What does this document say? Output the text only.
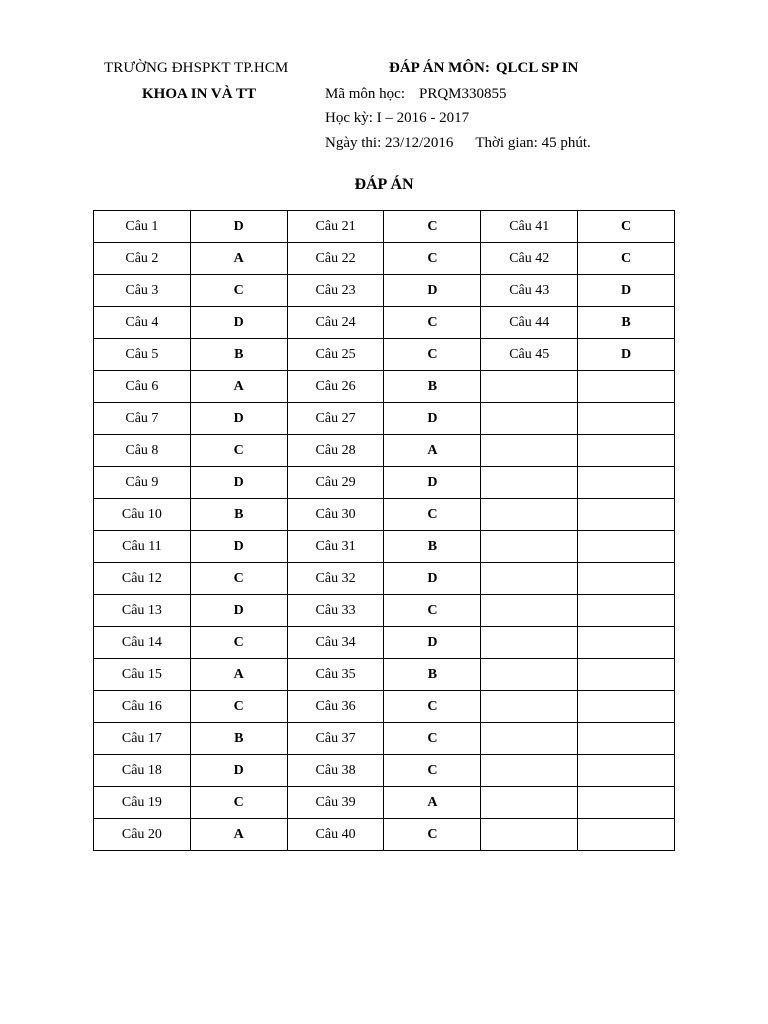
TRƯỜNG ĐHSPKT TP.HCM
KHOA IN VÀ TT
ĐÁP ÁN MÔN: QLCL SP IN
Mã môn học: PRQM330855
Học kỳ: I – 2016 - 2017
Ngày thi: 23/12/2016 Thời gian: 45 phút.
ĐÁP ÁN
Câu 1	D	Câu 21	C	Câu 41	C
Câu 2	A	Câu 22	C	Câu 42	C
Câu 3	C	Câu 23	D	Câu 43	D
Câu 4	D	Câu 24	C	Câu 44	B
Câu 5	B	Câu 25	C	Câu 45	D
Câu 6	A	Câu 26	B		
Câu 7	D	Câu 27	D		
Câu 8	C	Câu 28	A		
Câu 9	D	Câu 29	D		
Câu 10	B	Câu 30	C		
Câu 11	D	Câu 31	B		
Câu 12	C	Câu 32	D		
Câu 13	D	Câu 33	C		
Câu 14	C	Câu 34	D		
Câu 15	A	Câu 35	B		
Câu 16	C	Câu 36	C		
Câu 17	B	Câu 37	C		
Câu 18	D	Câu 38	C		
Câu 19	C	Câu 39	A		
Câu 20	A	Câu 40	C		
